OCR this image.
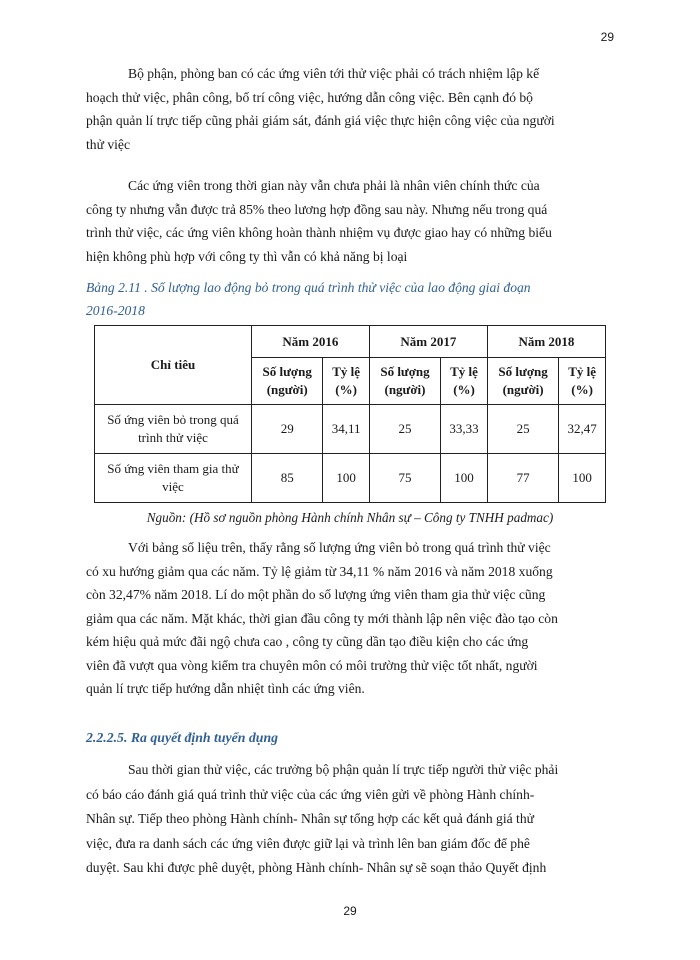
29

Bộ phận, phòng ban có các ứng viên tới thử việc phải có trách nhiệm lập kế
hoạch thử việc, phân công, bố trí công việc, hướng dẫn công việc. Bên cạnh đó bộ
phận quản lí trực tiếp cũng phải giám sát, đánh giá việc thực hiện công việc của người
thử việc

Các ứng viên trong thời gian này vẫn chưa phải là nhân viên chính thức của
công ty nhưng vẫn được trả 85% theo lương hợp đồng sau này. Nhưng nếu trong quá
trình thử việc, các ứng viên không hoàn thành nhiệm vụ được giao hay có những biểu
hiện không phù hợp với công ty thì vẫn có khả năng bị loại

Bảng 2.11 . Số lượng lao động bỏ trong quá trình thử việc của lao động giai đoạn
2016-2018
Chỉ tiêu	Năm 2016		Năm 2017		Năm 2018	
	Số lượng (người)	Tỷ lệ (%)	Số lượng (người)	Tỷ lệ (%)	Số lượng (người)	Tỷ lệ (%)
Số ứng viên bỏ trong quá trình thử việc	29	34,11	25	33,33	25	32,47
Số ứng viên tham gia thử việc	85	100	75	100	77	100
Nguồn: (Hồ sơ nguồn phòng Hành chính Nhân sự – Công ty TNHH padmac)

Với bảng số liệu trên, thấy rằng số lượng ứng viên bỏ trong quá trình thử việc
có xu hướng giảm qua các năm. Tỷ lệ giảm từ 34,11 % năm 2016 và năm 2018 xuống
còn 32,47% năm 2018. Lí do một phần do số lượng ứng viên tham gia thử việc cũng
giảm qua các năm. Mặt khác, thời gian đầu công ty mới thành lập nên việc đào tạo còn
kém hiệu quả mức đãi ngộ chưa cao , công ty cũng dần tạo điều kiện cho các ứng
viên đã vượt qua vòng kiểm tra chuyên môn có môi trường thử việc tốt nhất, người
quản lí trực tiếp hướng dẫn nhiệt tình các ứng viên.

2.2.2.5. Ra quyết định tuyển dụng

Sau thời gian thử việc, các trưởng bộ phận quản lí trực tiếp người thử việc phải
có báo cáo đánh giá quá trình thử việc của các ứng viên gửi về phòng Hành chính-
Nhân sự. Tiếp theo phòng Hành chính- Nhân sự tổng hợp các kết quả đánh giá thử
việc, đưa ra danh sách các ứng viên được giữ lại và trình lên ban giám đốc để phê
duyệt. Sau khi được phê duyệt, phòng Hành chính- Nhân sự sẽ soạn thảo Quyết định

29
